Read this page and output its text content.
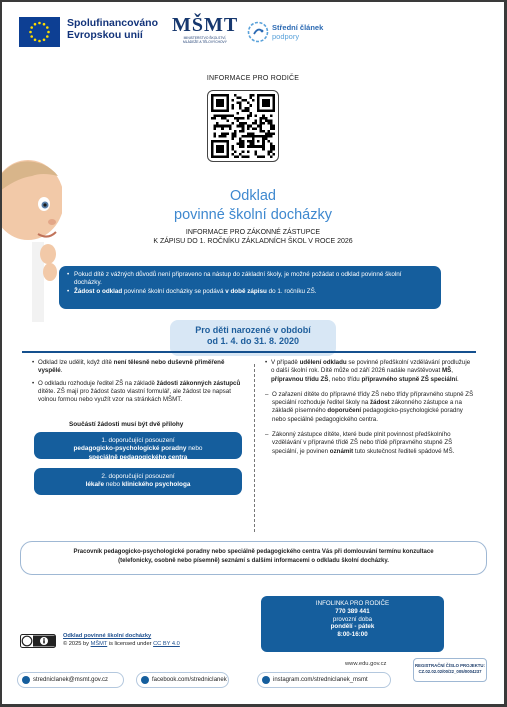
Spolufinancováno
Evropskou unií	MŠMT
MINISTERSTVO ŠKOLSTVÍ,
MLÁDEŽE A TĚLOVÝCHOVY
Střední článek
podpory
INFORMACE PRO RODIČE
Odklad
povinné školní docházky
INFORMACE PRO ZÁKONNÉ ZÁSTUPCE
K ZÁPISU DO 1. ROČNÍKU ZÁKLADNÍCH ŠKOL V ROCE 2026
• Pokud dítě z vážných důvodů není připraveno na nástup do základní školy, je možné požádat o odklad povinné školní docházky.
• Žádost o odklad povinné školní docházky se podává v době zápisu do 1. ročníku ZŠ.
Pro děti narozené v období
od 1. 4. do 31. 8. 2020
• Odklad lze udělit, když dítě není tělesně nebo duševně přiměřeně vyspělé.
• O odkladu rozhoduje ředitel ZŠ na základě žádosti zákonných zástupců dítěte. ZŠ mají pro žádost často vlastní formulář, ale žádost lze napsat volnou formou nebo využít vzor na stránkách MŠMT.
Součástí žádosti musí být dvě přílohy
1. doporučující posouzení
pedagogicko-psychologické poradny nebo
speciálně pedagogického centra
2. doporučující posouzení
lékaře nebo klinického psychologa
• V případě udělení odkladu se povinné předškolní vzdělávání prodlužuje o další školní rok. Dítě může od září 2026 nadále navštěvovat MŠ, přípravnou třídu ZŠ, nebo třídu přípravného stupně ZŠ speciální.
– O zařazení dítěte do přípravné třídy ZŠ nebo třídy přípravného stupně ZŠ speciální rozhoduje ředitel školy na žádost zákonného zástupce a na základě písemného doporučení pedagogicko-psychologické poradny nebo speciálně pedagogického centra.
– Zákonný zástupce dítěte, které bude plnit povinnost předškolního vzdělávání v přípravné třídě ZŠ nebo třídě přípravného stupně ZŠ speciální, je povinen oznámit tuto skutečnost řediteli spádové MŠ.
Pracovník pedagogicko-psychologické poradny nebo speciálně pedagogického centra Vás při domlouvání termínu konzultace
(telefonicky, osobně nebo písemně) seznámí s dalšími informacemi o odkladu školní docházky.
INFOLINKA PRO RODIČE
770 389 441
provozní doba
pondělí - pátek
8:00-16:00
Odklad povinné školní docházky
© 2025 by MŠMT is licensed under CC BY 4.0
www.edu.gov.cz	REGISTRAČNÍ ČÍSLO PROJEKTU:
CZ.02.02.02/00/22_005/0004237
strednicIanek@msmt.gov.cz	facebook.com/strednicIanek	instagram.com/strednicIanek_msmt
